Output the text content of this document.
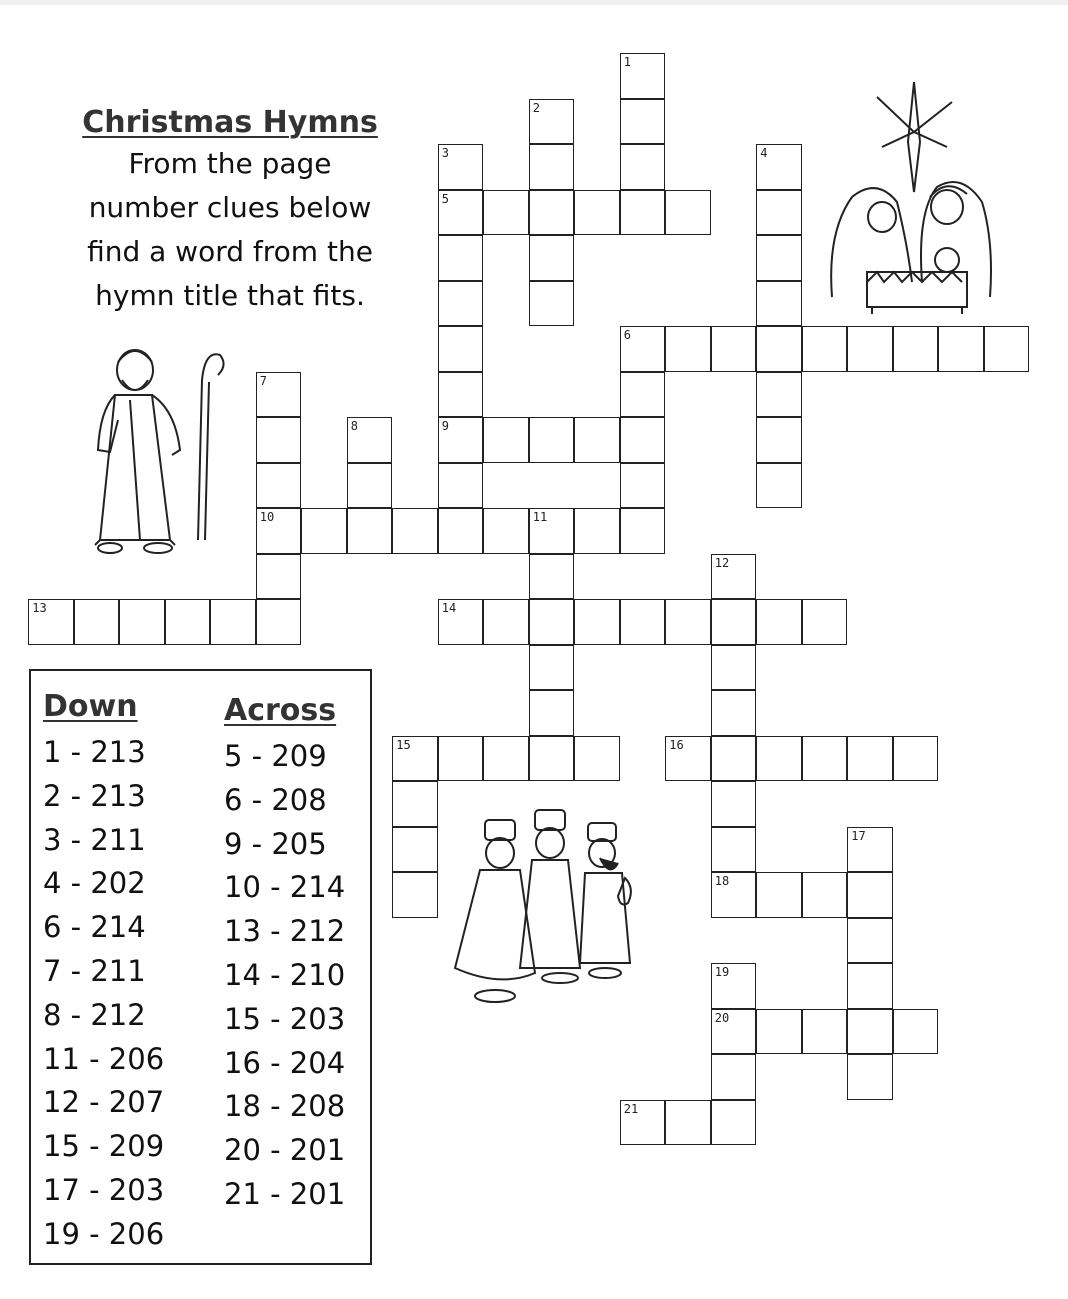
Christmas Hymns
From the page
number clues below
find a word from the
hymn title that fits.
1
2
3
5
9
4
6
7
10
8
11
12
18
13	14
15	16
17
19
20
21
Down
1 - 213
2 - 213
3 - 211
4 - 202
6 - 214
7 - 211
8 - 212
11 - 206
12 - 207
15 - 209
17 - 203
19 - 206
Across
5 - 209
6 - 208
9 - 205
10 - 214
13 - 212
14 - 210
15 - 203
16 - 204
18 - 208
20 - 201
21 - 201
